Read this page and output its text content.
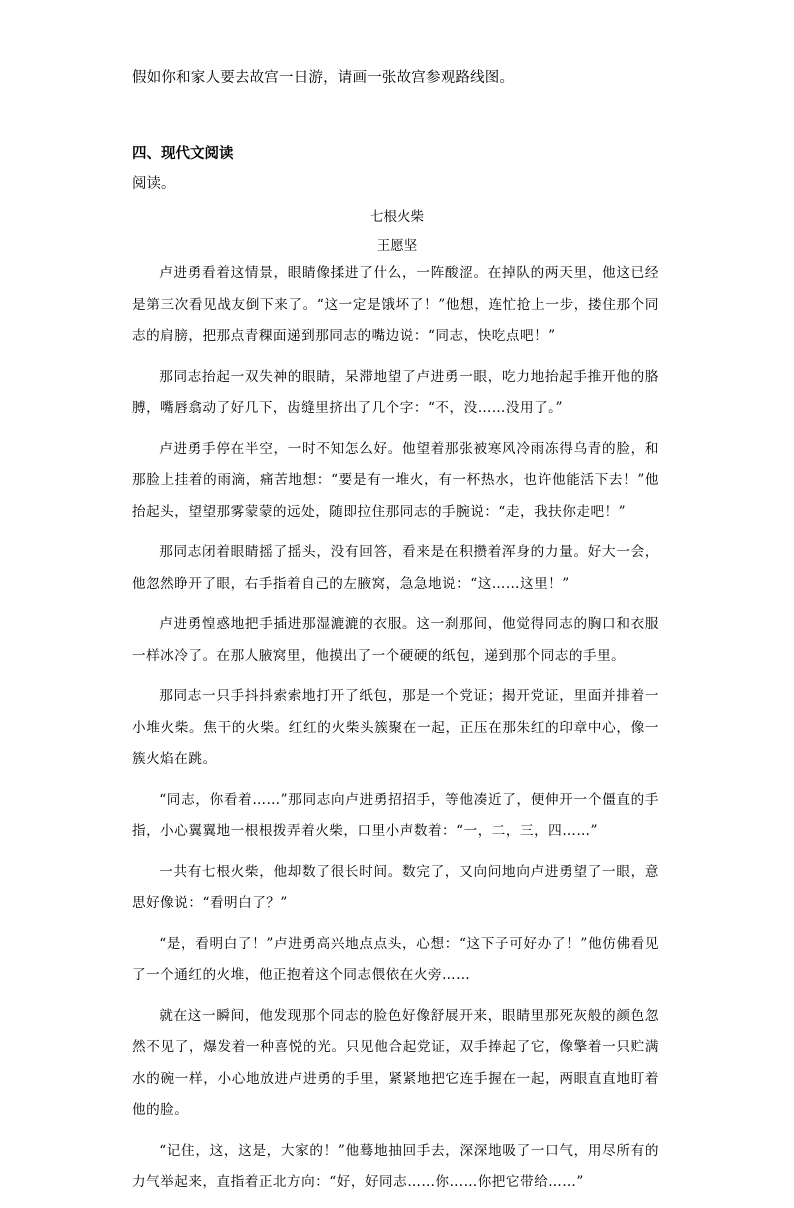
假如你和家人要去故宫一日游，请画一张故宫参观路线图。
四、现代文阅读
阅读。
七根火柴
王愿坚

卢进勇看着这情景，眼睛像揉进了什么，一阵酸涩。在掉队的两天里，他这已经是第三次看见战友倒下来了。“这一定是饿坏了！”他想，连忙抢上一步，搂住那个同志的肩膀，把那点青稞面递到那同志的嘴边说：“同志，快吃点吧！”

那同志抬起一双失神的眼睛，呆滞地望了卢进勇一眼，吃力地抬起手推开他的胳膊，嘴唇翕动了好几下，齿缝里挤出了几个字：“不，没……没用了。”

卢进勇手停在半空，一时不知怎么好。他望着那张被寒风冷雨冻得乌青的脸，和那脸上挂着的雨滴，痛苦地想：“要是有一堆火，有一杯热水，也许他能活下去！”他抬起头，望望那雾蒙蒙的远处，随即拉住那同志的手腕说：“走，我扶你走吧！”

那同志闭着眼睛摇了摇头，没有回答，看来是在积攒着浑身的力量。好大一会，他忽然睁开了眼，右手指着自己的左腋窝，急急地说：“这……这里！”

卢进勇惶惑地把手插进那湿漉漉的衣服。这一刹那间，他觉得同志的胸口和衣服一样冰冷了。在那人腋窝里，他摸出了一个硬硬的纸包，递到那个同志的手里。

那同志一只手抖抖索索地打开了纸包，那是一个党证；揭开党证，里面并排着一小堆火柴。焦干的火柴。红红的火柴头簇聚在一起，正压在那朱红的印章中心，像一簇火焰在跳。

“同志，你看着……”那同志向卢进勇招招手，等他凑近了，便伸开一个僵直的手指，小心翼翼地一根根拨弄着火柴，口里小声数着：“一，二，三，四……”

一共有七根火柴，他却数了很长时间。数完了，又向问地向卢进勇望了一眼，意思好像说：“看明白了？”

“是，看明白了！”卢进勇高兴地点点头，心想：“这下子可好办了！”他仿佛看见了一个通红的火堆，他正抱着这个同志偎依在火旁……

就在这一瞬间，他发现那个同志的脸色好像舒展开来，眼睛里那死灰般的颜色忽然不见了，爆发着一种喜悦的光。只见他合起党证，双手捧起了它，像擎着一只贮满水的碗一样，小心地放进卢进勇的手里，紧紧地把它连手握在一起，两眼直直地盯着他的脸。

“记住，这，这是，大家的！”他蓦地抽回手去，深深地吸了一口气，用尽所有的力气举起来，直指着正北方向：“好，好同志……你……你把它带给……”
